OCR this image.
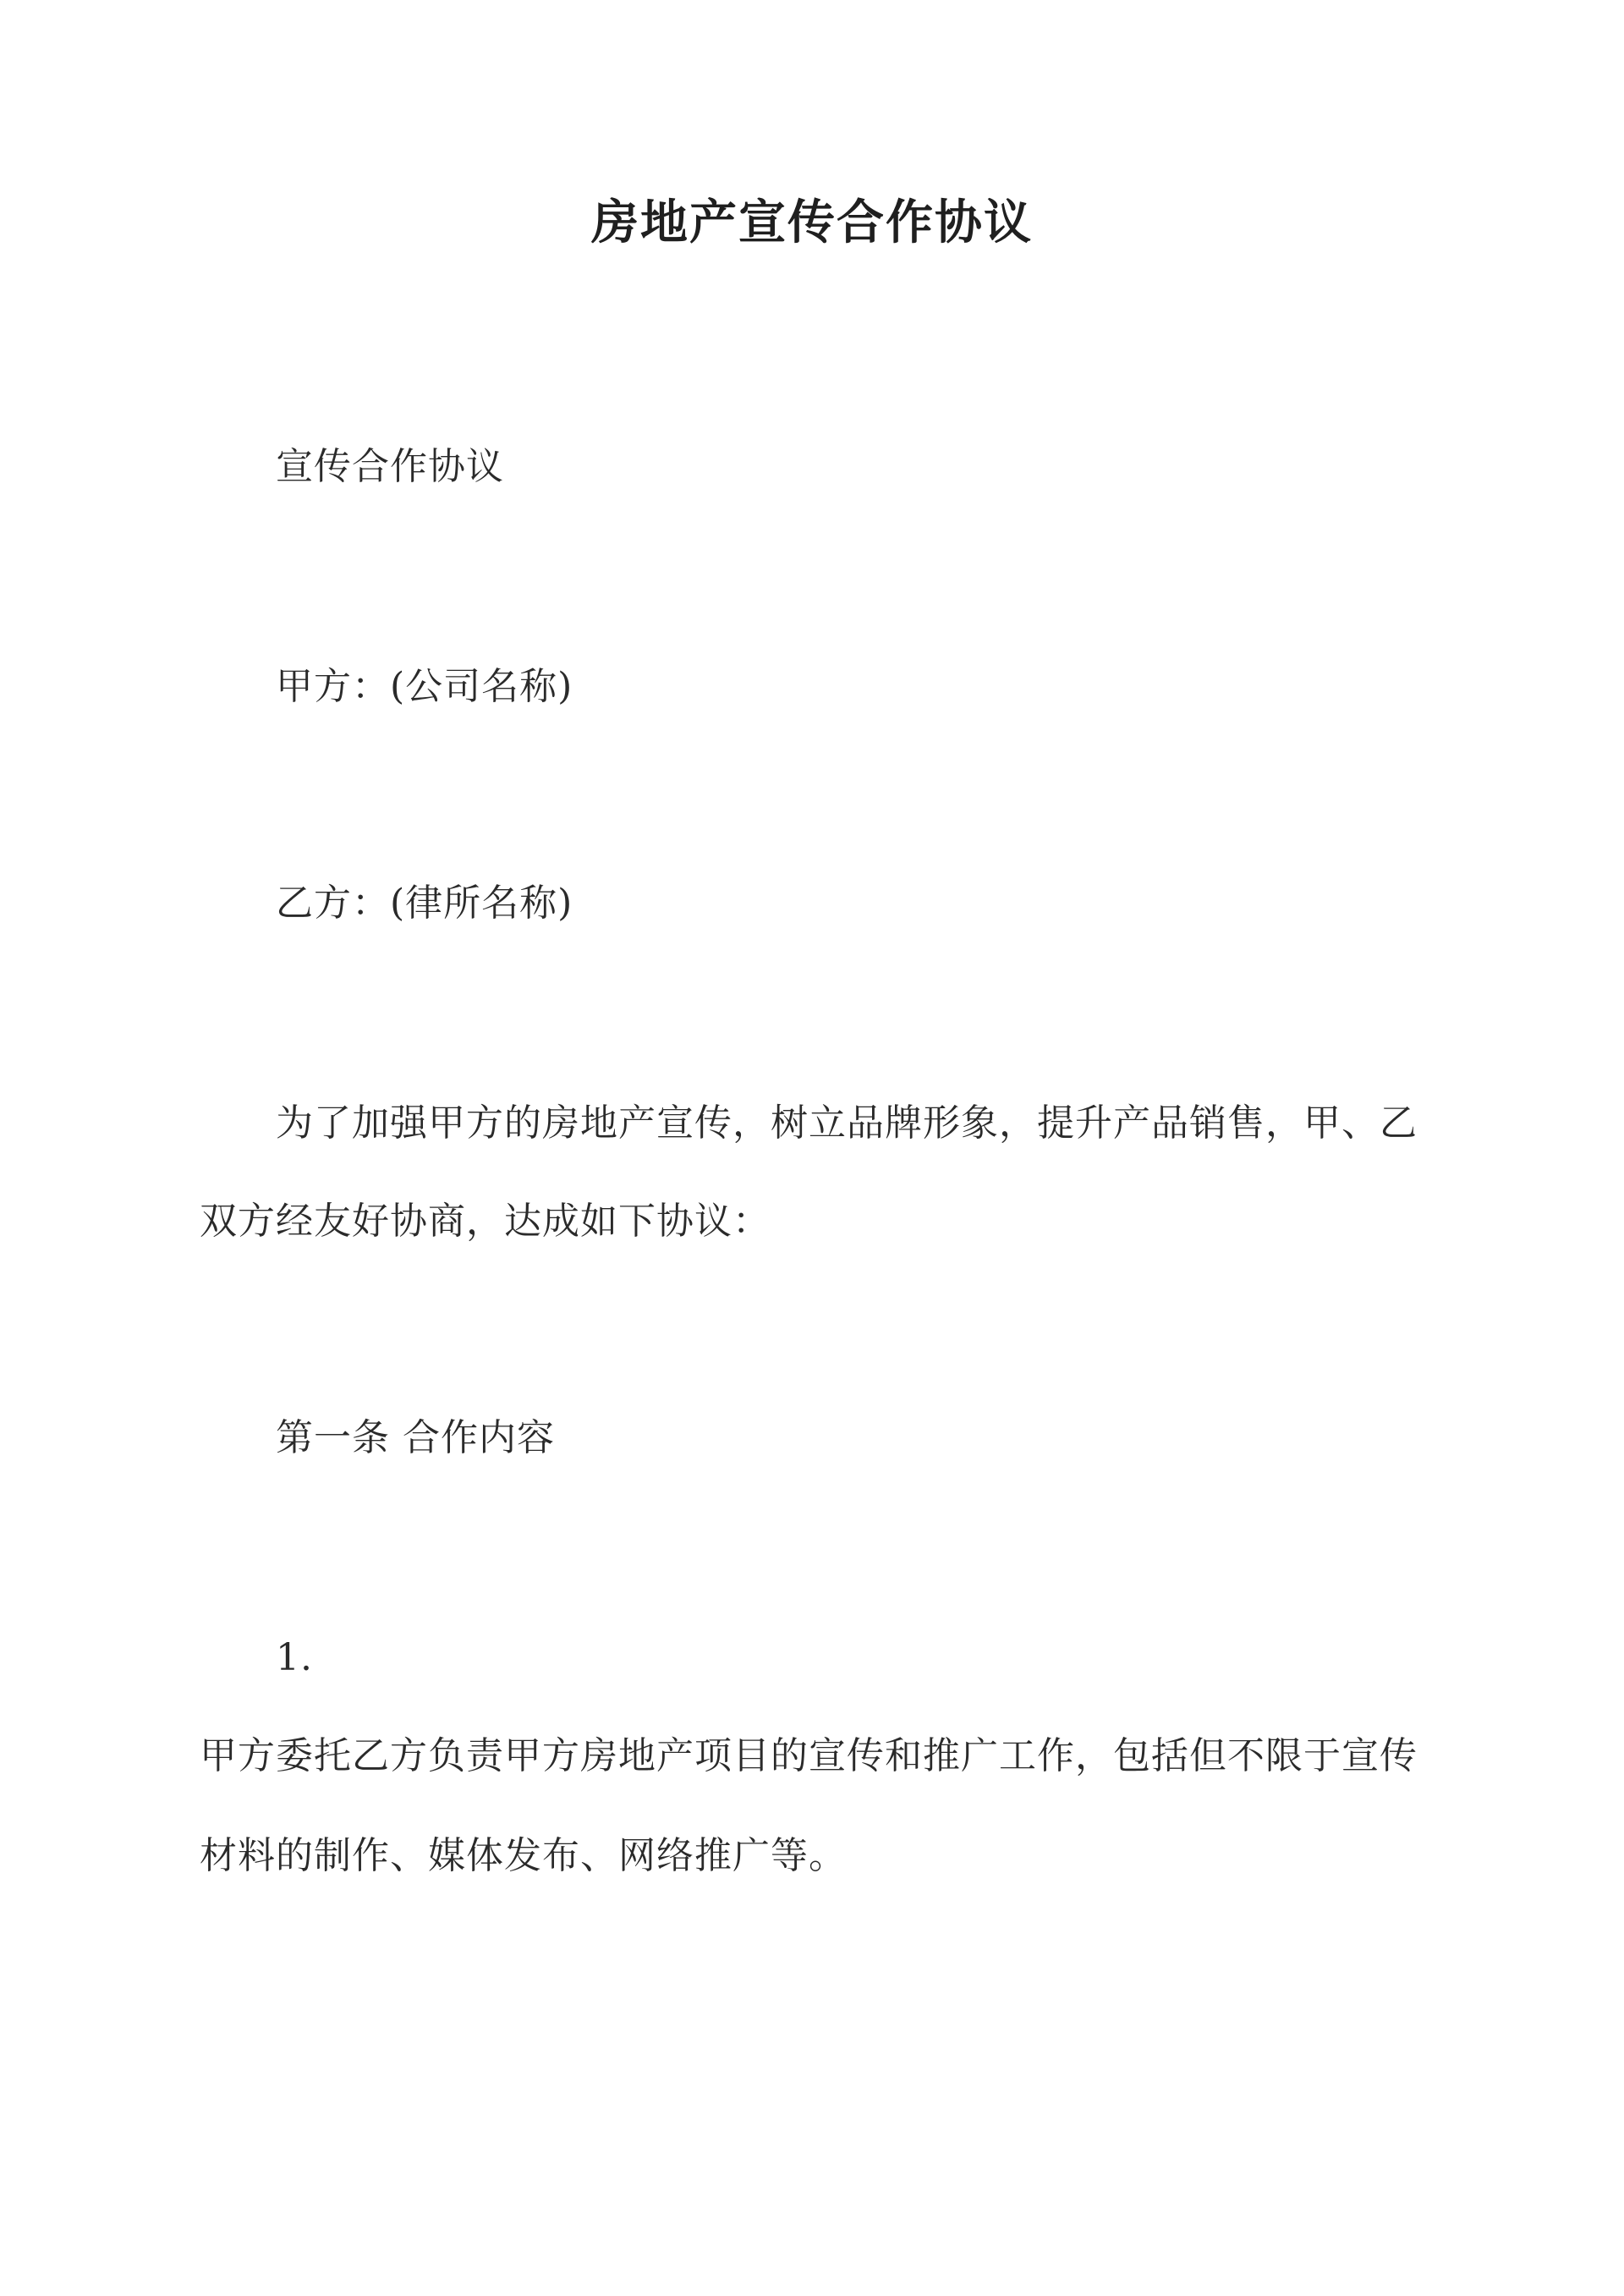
房地产宣传合作协议
宣传合作协议
甲方：(公司名称)
乙方：(律所名称)
为了加强甲方的房地产宣传，树立品牌形象，提升产品销售，甲、乙
双方经友好协商，达成如下协议：
第一条 合作内容
1.
甲方委托乙方负责甲方房地产项目的宣传和推广工作，包括但不限于宣传
材料的制作、媒体发布、网络推广等。
